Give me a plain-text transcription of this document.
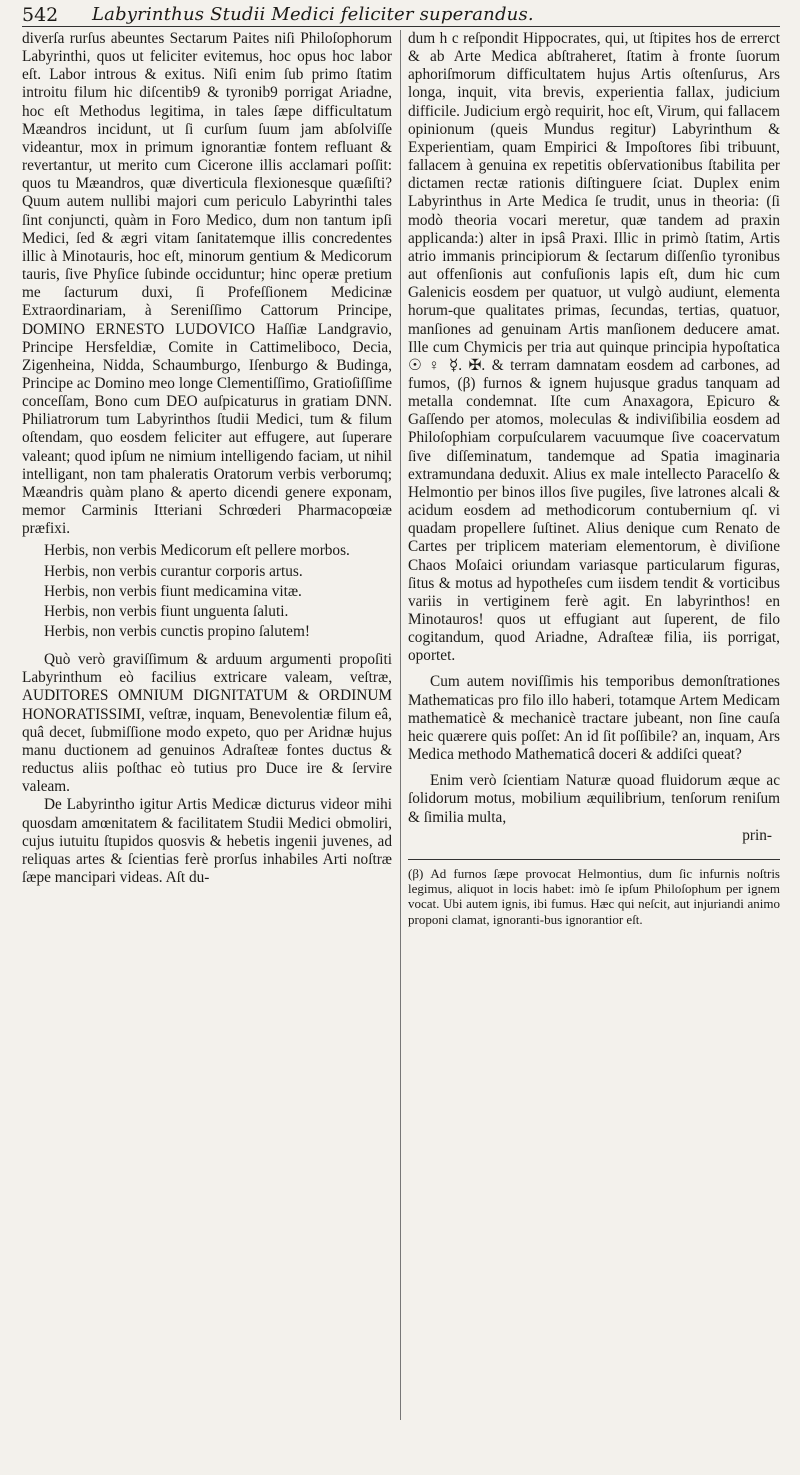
542 Labyrinthus Studii Medici feliciter superandus.

diverſa rurſus abeuntes Sectarum Paites niſi Philoſophorum Labyrinthi, quos ut feliciter evitemus, hoc opus hoc labor eſt. Labor introus & exitus. Niſi enim ſub primo ſtatim introitu filum hic diſcentib9 & tyronib9 porrigat Ariadne, hoc eſt Methodus legitima, in tales ſæpe difficultatum Mæandros incidunt, ut ſi curſum ſuum jam abſolviſſe videantur, mox in primum ignorantiæ fontem refluant & revertantur, ut merito cum Cicerone illis acclamari poſſit: quos tu Mæandros, quæ diverticula flexionesque quæſiſti? Quum autem nullibi majori cum periculo Labyrinthi tales ſint conjuncti, quàm in Foro Medico, dum non tantum ipſi Medici, ſed & ægri vitam ſanitatemque illis concredentes illic à Minotauris, hoc eſt, minorum gentium & Medicorum tauris, ſive Phyſice ſubinde occiduntur; hinc operæ pretium me ſacturum duxi, ſi Profeſſionem Medicinæ Extraordinariam, à Sereniſſimo Cattorum Principe, DOMINO ERNESTO LUDOVICO Haſſiæ Landgravio, Principe Hersfeldiæ, Comite in Cattimeliboco, Decia, Zigenheina, Nidda, Schaumburgo, Iſenburgo & Budinga, Principe ac Domino meo longe Clementiſſimo, Gratioſiſſime conceſſam, Bono cum DEO auſpicaturus in gratiam DNN. Philiatrorum tum Labyrinthos ſtudii Medici, tum & filum oſtendam, quo eosdem feliciter aut effugere, aut ſuperare valeant; quod ipſum ne nimium intelligendo faciam, ut nihil intelligant, non tam phaleratis Oratorum verbis verborumq; Mæandris quàm plano & aperto dicendi genere exponam, memor Carminis Itteriani Schrœderi Pharmacopœiæ præfixi.

Herbis, non verbis Medicorum eſt pellere morbos.
Herbis, non verbis curantur corporis artus.
Herbis, non verbis fiunt medicamina vitæ.
Herbis, non verbis fiunt unguenta ſaluti.
Herbis, non verbis cunctis propino ſalutem!

Quò verò graviſſimum & arduum argumenti propoſiti Labyrinthum eò facilius extricare valeam, veſtræ, AUDITORES OMNIUM DIGNITATUM & ORDINUM HONORATISSIMI, veſtræ, inquam, Benevolentiæ filum eâ, quâ decet, ſubmiſſione modo expeto, quo per Aridnæ hujus manu ductionem ad genuinos Adraſteæ fontes ductus & reductus aliis poſthac eò tutius pro Duce ire & ſervire valeam.

De Labyrintho igitur Artis Medicæ dicturus videor mihi quosdam amœnitatem & facilitatem Studii Medici obmoliri, cujus iutuitu ſtupidos quosvis & hebetis ingenii juvenes, ad reliquas artes & ſcientias ferè prorſus inhabiles Arti noſtræ ſæpe mancipari videas. Aſt du-

dum h c reſpondit Hippocrates, qui, ut ſtipites hos de errerct & ab Arte Medica abſtraheret, ſtatim à fronte ſuorum aphoriſmorum difficultatem hujus Artis oſtenſurus, Ars longa, inquit, vita brevis, experientia fallax, judicium difficile. Judicium ergò requirit, hoc eſt, Virum, qui fallacem opinionum (queis Mundus regitur) Labyrinthum & Experientiam, quam Empirici & Impoſtores ſibi tribuunt, fallacem à genuina ex repetitis obſervationibus ſtabilita per dictamen rectæ rationis diſtinguere ſciat. Duplex enim Labyrinthus in Arte Medica ſe trudit, unus in theoria: (ſi modò theoria vocari meretur, quæ tandem ad praxin applicanda:) alter in ipsâ Praxi. Illic in primò ſtatim, Artis atrio immanis principiorum & ſectarum diſſenſio tyronibus aut offenſionis aut confuſionis lapis eſt, dum hic cum Galenicis eosdem per quatuor, ut vulgò audiunt, elementa horum-que qualitates primas, ſecundas, tertias, quatuor, manſiones ad genuinam Artis manſionem deducere amat. Ille cum Chymicis per tria aut quinque principia hypoſtatica ☉ ♀ ☿. ✠. & terram damnatam eosdem ad carbones, ad fumos, (β) furnos & ignem hujusque gradus tanquam ad metalla condemnat. Iſte cum Anaxagora, Epicuro & Gaſſendo per atomos, moleculas & indiviſibilia eosdem ad Philoſophiam corpuſcularem vacuumque ſive coacervatum ſive diſſeminatum, tandemque ad Spatia imaginaria extramundana deduxit. Alius ex male intellecto Paracelſo & Helmontio per binos illos ſive pugiles, ſive latrones alcali & acidum eosdem ad methodicorum contubernium qſ. vi quadam propellere ſuſtinet. Alius denique cum Renato de Cartes per triplicem materiam elementorum, è diviſione Chaos Moſaici oriundam variasque particularum figuras, ſitus & motus ad hypotheſes cum iisdem tendit & vorticibus variis in vertiginem ferè agit. En labyrinthos! en Minotauros! quos ut effugiant aut ſuperent, de filo cogitandum, quod Ariadne, Adraſteæ filia, iis porrigat, oportet.

Cum autem noviſſimis his temporibus demonſtrationes Mathematicas pro filo illo haberi, totamque Artem Medicam mathematicè & mechanicè tractare jubeant, non ſine cauſa heic quærere quis poſſet: An id ſit poſſibile? an, inquam, Ars Medica methodo Mathematicâ doceri & addiſci queat?

Enim verò ſcientiam Naturæ quoad fluidorum æque ac ſolidorum motus, mobilium æquilibrium, tenſorum reniſum & ſimilia multa,

prin-

(β) Ad furnos ſæpe provocat Helmontius, dum ſic infurnis noſtris legimus, aliquot in locis habet: imò ſe ipſum Philoſophum per ignem vocat. Ubi autem ignis, ibi fumus. Hæc qui neſcit, aut injuriandi animo proponi clamat, ignoranti-bus ignorantior eſt.
